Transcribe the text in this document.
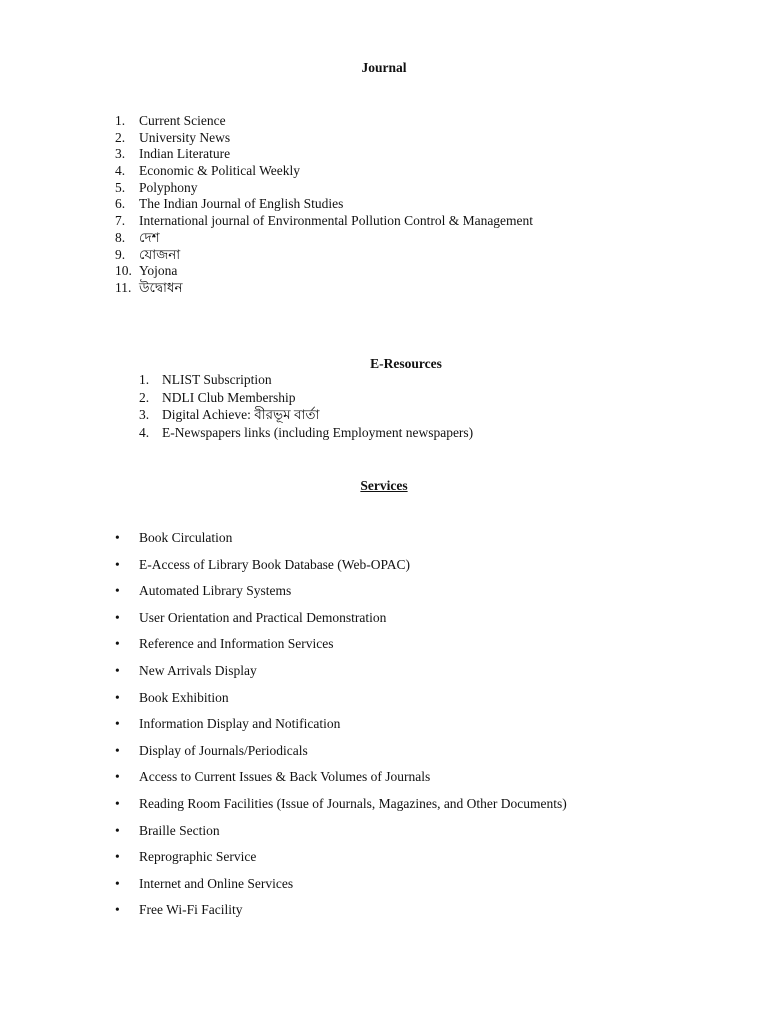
Journal
1. Current Science
2. University News
3. Indian Literature
4. Economic & Political Weekly
5. Polyphony
6. The Indian Journal of English Studies
7. International journal of Environmental Pollution Control & Management
8. দেশ
9. যোজনা
10. Yojona
11. উদ্বোধন
E-Resources
1. NLIST Subscription
2. NDLI Club Membership
3. Digital Achieve: বীরভূম বার্তা
4. E-Newspapers links (including Employment newspapers)
Services
• Book Circulation
• E-Access of Library Book Database (Web-OPAC)
• Automated Library Systems
• User Orientation and Practical Demonstration
• Reference and Information Services
• New Arrivals Display
• Book Exhibition
• Information Display and Notification
• Display of Journals/Periodicals
• Access to Current Issues & Back Volumes of Journals
• Reading Room Facilities (Issue of Journals, Magazines, and Other Documents)
• Braille Section
• Reprographic Service
• Internet and Online Services
• Free Wi-Fi Facility
